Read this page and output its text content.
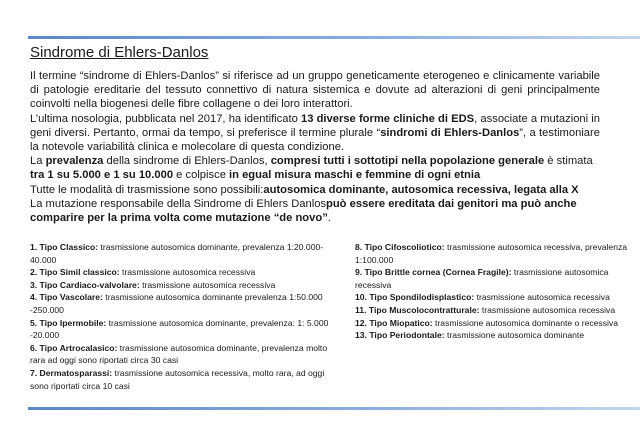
Sindrome di Ehlers-Danlos

Il termine “sindrome di Ehlers-Danlos” si riferisce ad un gruppo geneticamente eterogeneo e clinicamente variabile di patologie ereditarie del tessuto connettivo di natura sistemica e dovute ad alterazioni di geni principalmente coinvolti nella biogenesi delle fibre collagene o dei loro interattori.

L’ultima nosologia, pubblicata nel 2017, ha identificato 13 diverse forme cliniche di EDS, associate a mutazioni in geni diversi. Pertanto, ormai da tempo, si preferisce il termine plurale “sindromi di Ehlers-Danlos”, a testimoniare la notevole variabilità clinica e molecolare di questa condizione.

La prevalenza della sindrome di Ehlers-Danlos, compresi tutti i sottotipi nella popolazione generale è stimata tra 1 su 5.000 e 1 su 10.000 e colpisce in egual misura maschi e femmine di ogni etnia

Tutte le modalità di trasmissione sono possibili:autosomica dominante, autosomica recessiva, legata alla X

La mutazione responsabile della Sindrome di Ehlers Danlospuò essere ereditata dai genitori ma può anche comparire per la prima volta come mutazione “de novo”.

1. Tipo Classico: trasmissione autosomica dominante, prevalenza 1:20.000-40.000
2. Tipo Simil classico: trasmissione autosomica recessiva
3. Tipo Cardiaco-valvolare: trasmissione autosomica recessiva
4. Tipo Vascolare: trasmissione autosomica dominante prevalenza 1:50.000 -250.000
5. Tipo Ipermobile: trasmissione autosomica dominante, prevalenza: 1: 5.000 -20.000
6. Tipo Artrocalasico: trasmissione autosomica dominante, prevalenza molto rara ad oggi sono riportati circa 30 casi
7. Dermatosparassi: trasmissione autosomica recessiva, molto rara, ad oggi sono riportati circa 10 casi
8. Tipo Cifoscoliotico: trasmissione autosomica recessiva, prevalenza 1:100.000
9. Tipo Brittle cornea (Cornea Fragile): trasmissione autosomica recessiva
10. Tipo Spondilodisplastico: trasmissione autosomica recessiva
11. Tipo Muscolocontratturale: trasmissione autosomica recessiva
12. Tipo Miopatico: trasmissione autosomica dominante o recessiva
13. Tipo Periodontale: trasmissione autosomica dominante
